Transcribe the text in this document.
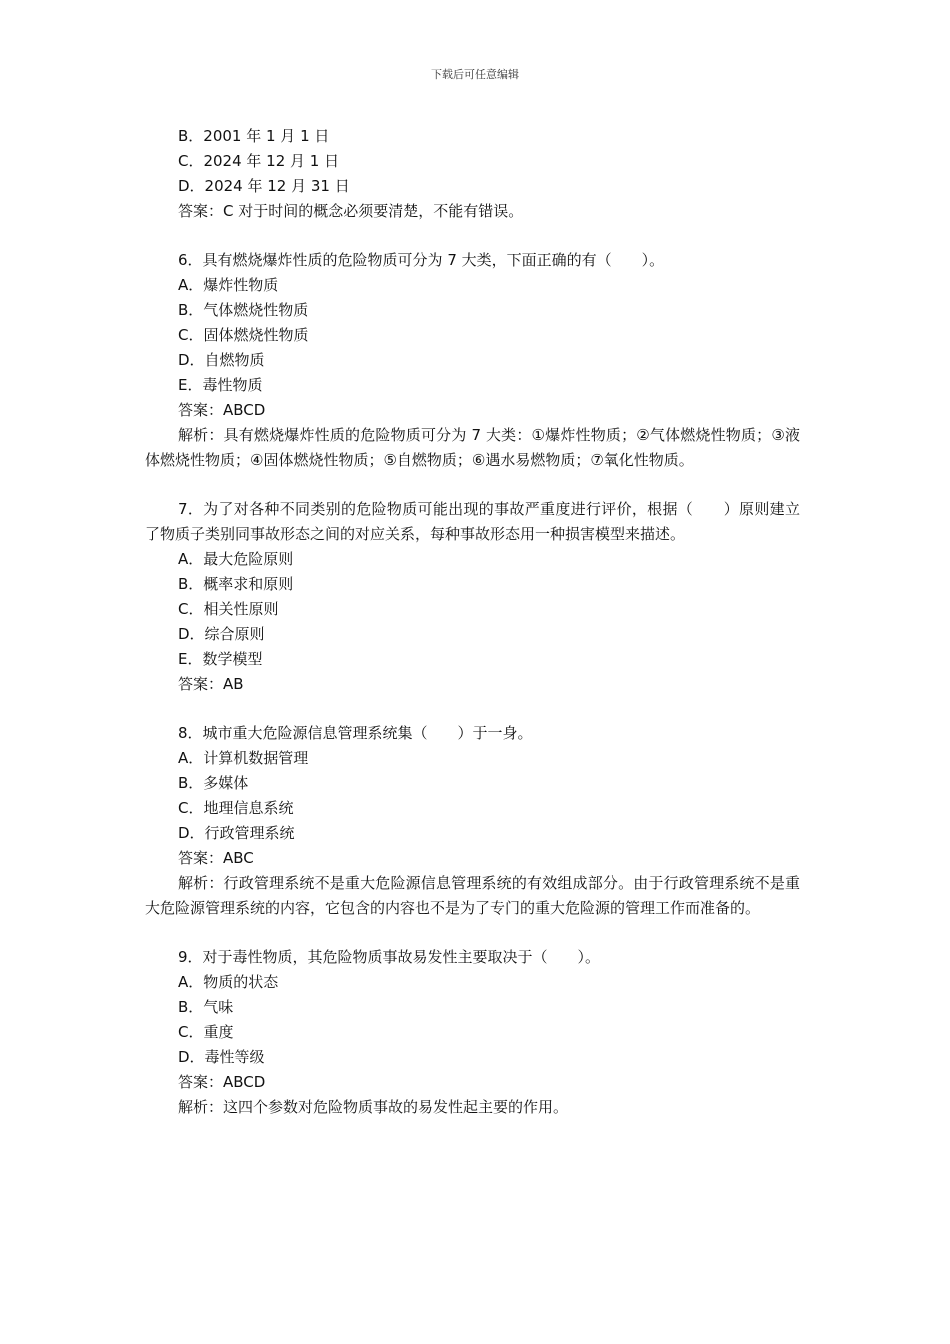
下载后可任意编辑
B．2001 年 1 月 1 日
C．2024 年 12 月 1 日
D．2024 年 12 月 31 日
答案：C 对于时间的概念必须要清楚，不能有错误。
6．具有燃烧爆炸性质的危险物质可分为 7 大类，下面正确的有（　　）。
A．爆炸性物质
B．气体燃烧性物质
C．固体燃烧性物质
D．自燃物质
E．毒性物质
答案：ABCD
解析：具有燃烧爆炸性质的危险物质可分为 7 大类：①爆炸性物质；②气体燃烧性物质；③液体燃烧性物质；④固体燃烧性物质；⑤自燃物质；⑥遇水易燃物质；⑦氧化性物质。
7．为了对各种不同类别的危险物质可能出现的事故严重度进行评价，根据（　　）原则建立了物质子类别同事故形态之间的对应关系，每种事故形态用一种损害模型来描述。
A．最大危险原则
B．概率求和原则
C．相关性原则
D．综合原则
E．数学模型
答案：AB
8．城市重大危险源信息管理系统集（　　）于一身。
A．计算机数据管理
B．多媒体
C．地理信息系统
D．行政管理系统
答案：ABC
解析：行政管理系统不是重大危险源信息管理系统的有效组成部分。由于行政管理系统不是重大危险源管理系统的内容，它包含的内容也不是为了专门的重大危险源的管理工作而准备的。
9．对于毒性物质，其危险物质事故易发性主要取决于（　　）。
A．物质的状态
B．气味
C．重度
D．毒性等级
答案：ABCD
解析：这四个参数对危险物质事故的易发性起主要的作用。
